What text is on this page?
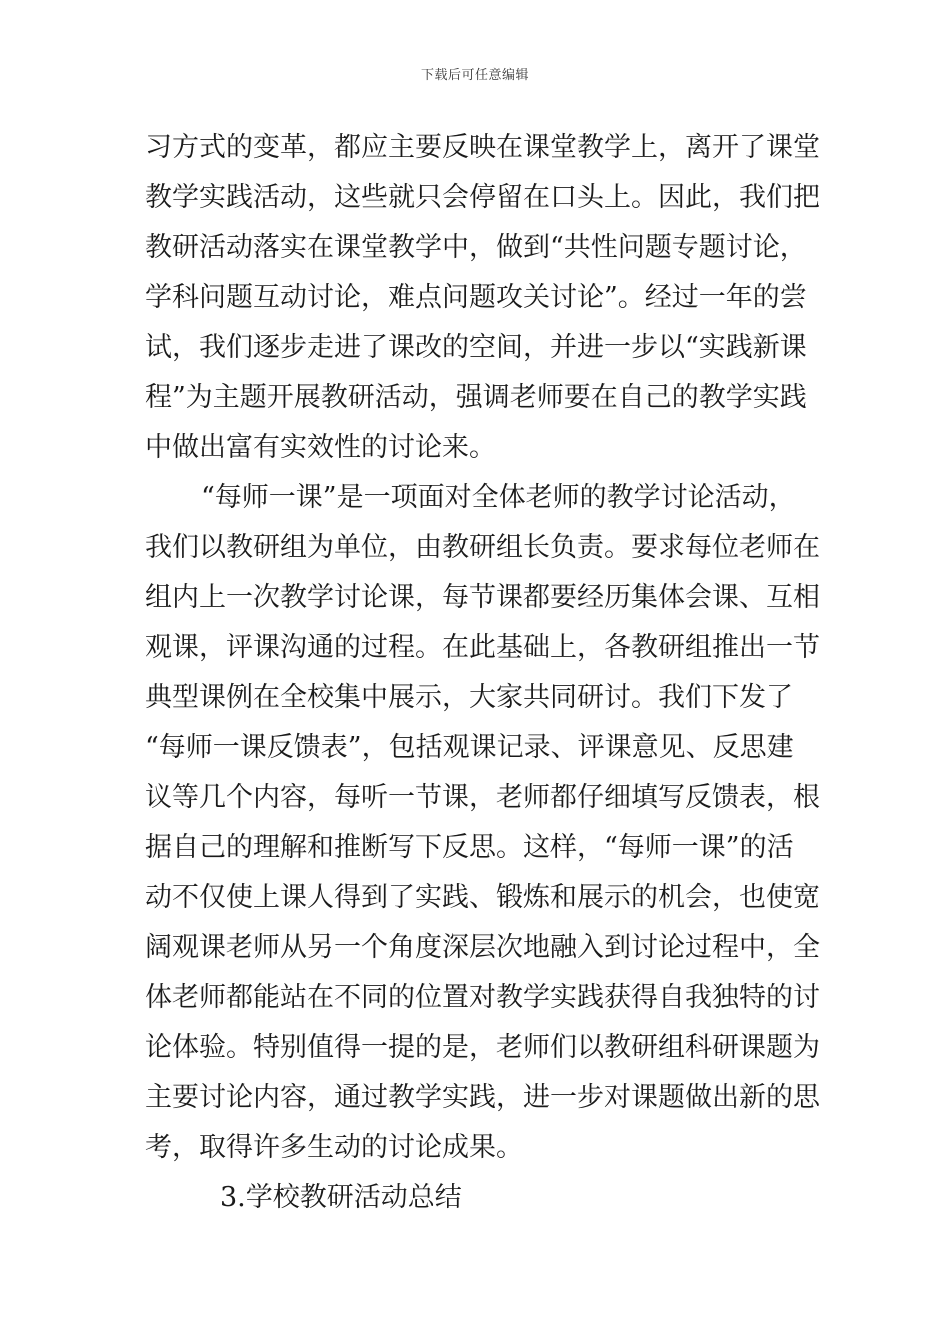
下载后可任意编辑

习方式的变革，都应主要反映在课堂教学上，离开了课堂

教学实践活动，这些就只会停留在口头上。因此，我们把

教研活动落实在课堂教学中，做到“共性问题专题讨论，

学科问题互动讨论，难点问题攻关讨论”。经过一年的尝

试，我们逐步走进了课改的空间，并进一步以“实践新课

程”为主题开展教研活动，强调老师要在自己的教学实践

中做出富有实效性的讨论来。

“每师一课”是一项面对全体老师的教学讨论活动，

我们以教研组为单位，由教研组长负责。要求每位老师在

组内上一次教学讨论课，每节课都要经历集体会课、互相

观课，评课沟通的过程。在此基础上，各教研组推出一节

典型课例在全校集中展示，大家共同研讨。我们下发了

“每师一课反馈表”，包括观课记录、评课意见、反思建

议等几个内容，每听一节课，老师都仔细填写反馈表，根

据自己的理解和推断写下反思。这样，“每师一课”的活

动不仅使上课人得到了实践、锻炼和展示的机会，也使宽

阔观课老师从另一个角度深层次地融入到讨论过程中，全

体老师都能站在不同的位置对教学实践获得自我独特的讨

论体验。特别值得一提的是，老师们以教研组科研课题为

主要讨论内容，通过教学实践，进一步对课题做出新的思

考，取得许多生动的讨论成果。

3.学校教研活动总结
